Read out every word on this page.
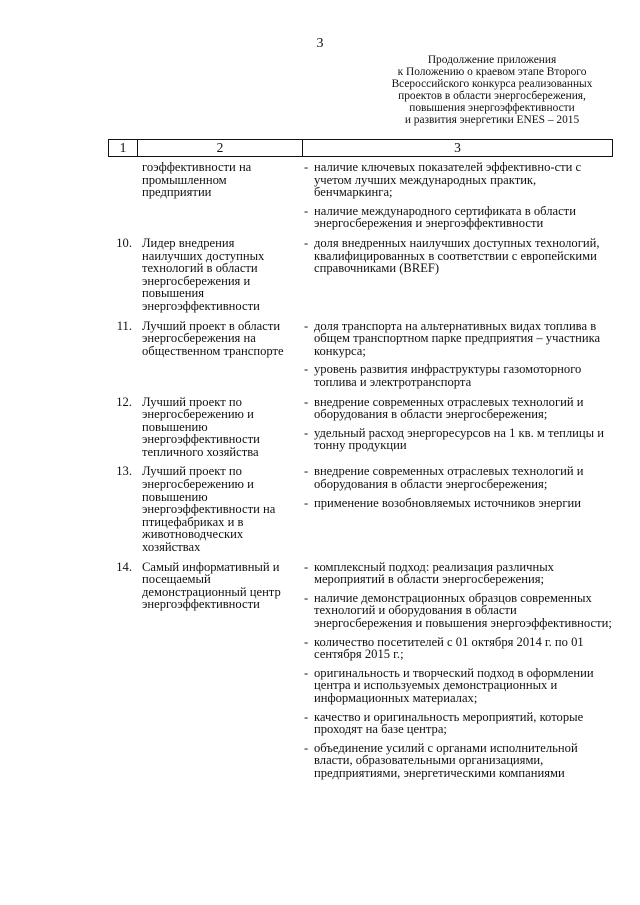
3
Продолжение приложения
к Положению о краевом этапе Второго
Всероссийского конкурса реализованных
проектов в области энергосбережения,
повышения энергоэффективности
и развития энергетики ENES – 2015
1	2	3
гоэффективности на промышленном предприятии
- наличие ключевых показателей эффективно-сти с учетом лучших международных практик, бенчмаркинга;
- наличие международного сертификата в области энергосбережения и энергоэффективности
10. Лидер внедрения наилучших доступных технологий в области энергосбережения и повышения энергоэффективности
- доля внедренных наилучших доступных технологий, квалифицированных в соответствии с европейскими справочниками (BREF)
11. Лучший проект в области энергосбережения на общественном транспорте
- доля транспорта на альтернативных видах топлива в общем транспортном парке предприятия – участника конкурса;
- уровень развития инфраструктуры газомоторного топлива и электротранспорта
12. Лучший проект по энергосбережению и повышению энергоэффективности тепличного хозяйства
- внедрение современных отраслевых технологий и оборудования в области энергосбережения;
- удельный расход энергоресурсов на 1 кв. м теплицы и тонну продукции
13. Лучший проект по энергосбережению и повышению энергоэффективности на птицефабриках и в животноводческих хозяйствах
- внедрение современных отраслевых технологий и оборудования в области энергосбережения;
- применение возобновляемых источников энергии
14. Самый информативный и посещаемый демонстрационный центр энергоэффективности
- комплексный подход: реализация различных мероприятий в области энергосбережения;
- наличие демонстрационных образцов современных технологий и оборудования в области энергосбережения и повышения энергоэффективности;
- количество посетителей с 01 октября 2014 г. по 01 сентября 2015 г.;
- оригинальность и творческий подход в оформлении центра и используемых демонстрационных и информационных материалах;
- качество и оригинальность мероприятий, которые проходят на базе центра;
- объединение усилий с органами исполнительной власти, образовательными организациями, предприятиями, энергетическими компаниями
